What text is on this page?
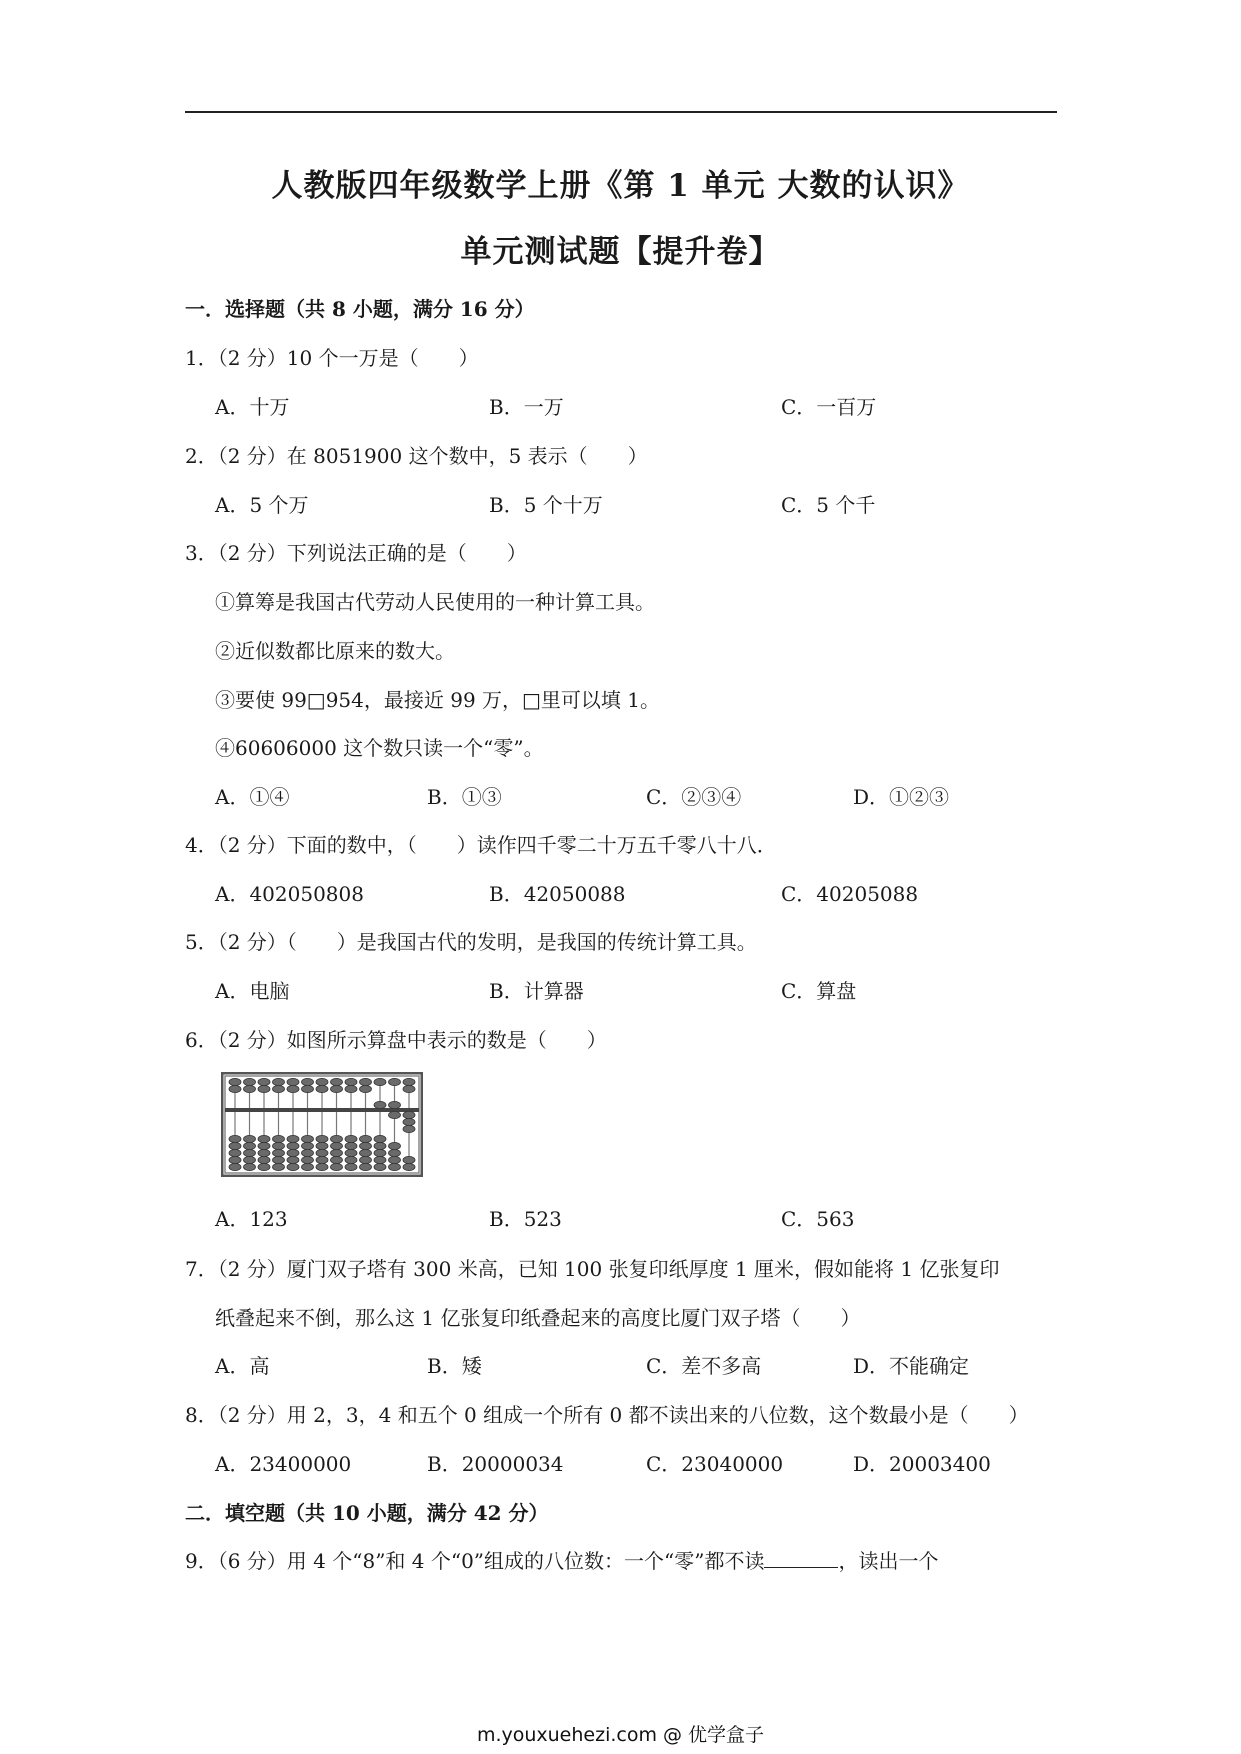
人教版四年级数学上册《第 1 单元 大数的认识》
单元测试题【提升卷】
一．选择题（共 8 小题，满分 16 分）
1．（2 分）10 个一万是（　　）
A．十万	B．一万	C．一百万
2．（2 分）在 8051900 这个数中，5 表示（　　）
A．5 个万	B．5 个十万	C．5 个千
3．（2 分）下列说法正确的是（　　）
①算筹是我国古代劳动人民使用的一种计算工具。
②近似数都比原来的数大。
③要使 99□954，最接近 99 万，□里可以填 1。
④60606000 这个数只读一个“零”。
A．①④	B．①③	C．②③④	D．①②③
4．（2 分）下面的数中，（　　）读作四千零二十万五千零八十八．
A．402050808	B．42050088	C．40205088
5．（2 分）（　　）是我国古代的发明，是我国的传统计算工具。
A．电脑	B．计算器	C．算盘
6．（2 分）如图所示算盘中表示的数是（　　）
A．123	B．523	C．563
7．（2 分）厦门双子塔有 300 米高，已知 100 张复印纸厚度 1 厘米，假如能将 1 亿张复印
纸叠起来不倒，那么这 1 亿张复印纸叠起来的高度比厦门双子塔（　　）
A．高	B．矮	C．差不多高	D．不能确定
8．（2 分）用 2，3，4 和五个 0 组成一个所有 0 都不读出来的八位数，这个数最小是（　　）
A．23400000	B．20000034	C．23040000	D．20003400
二．填空题（共 10 小题，满分 42 分）
9．（6 分）用 4 个“8”和 4 个“0”组成的八位数：一个“零”都不读	，读出一个
m.youxuehezi.com @ 优学盒子
